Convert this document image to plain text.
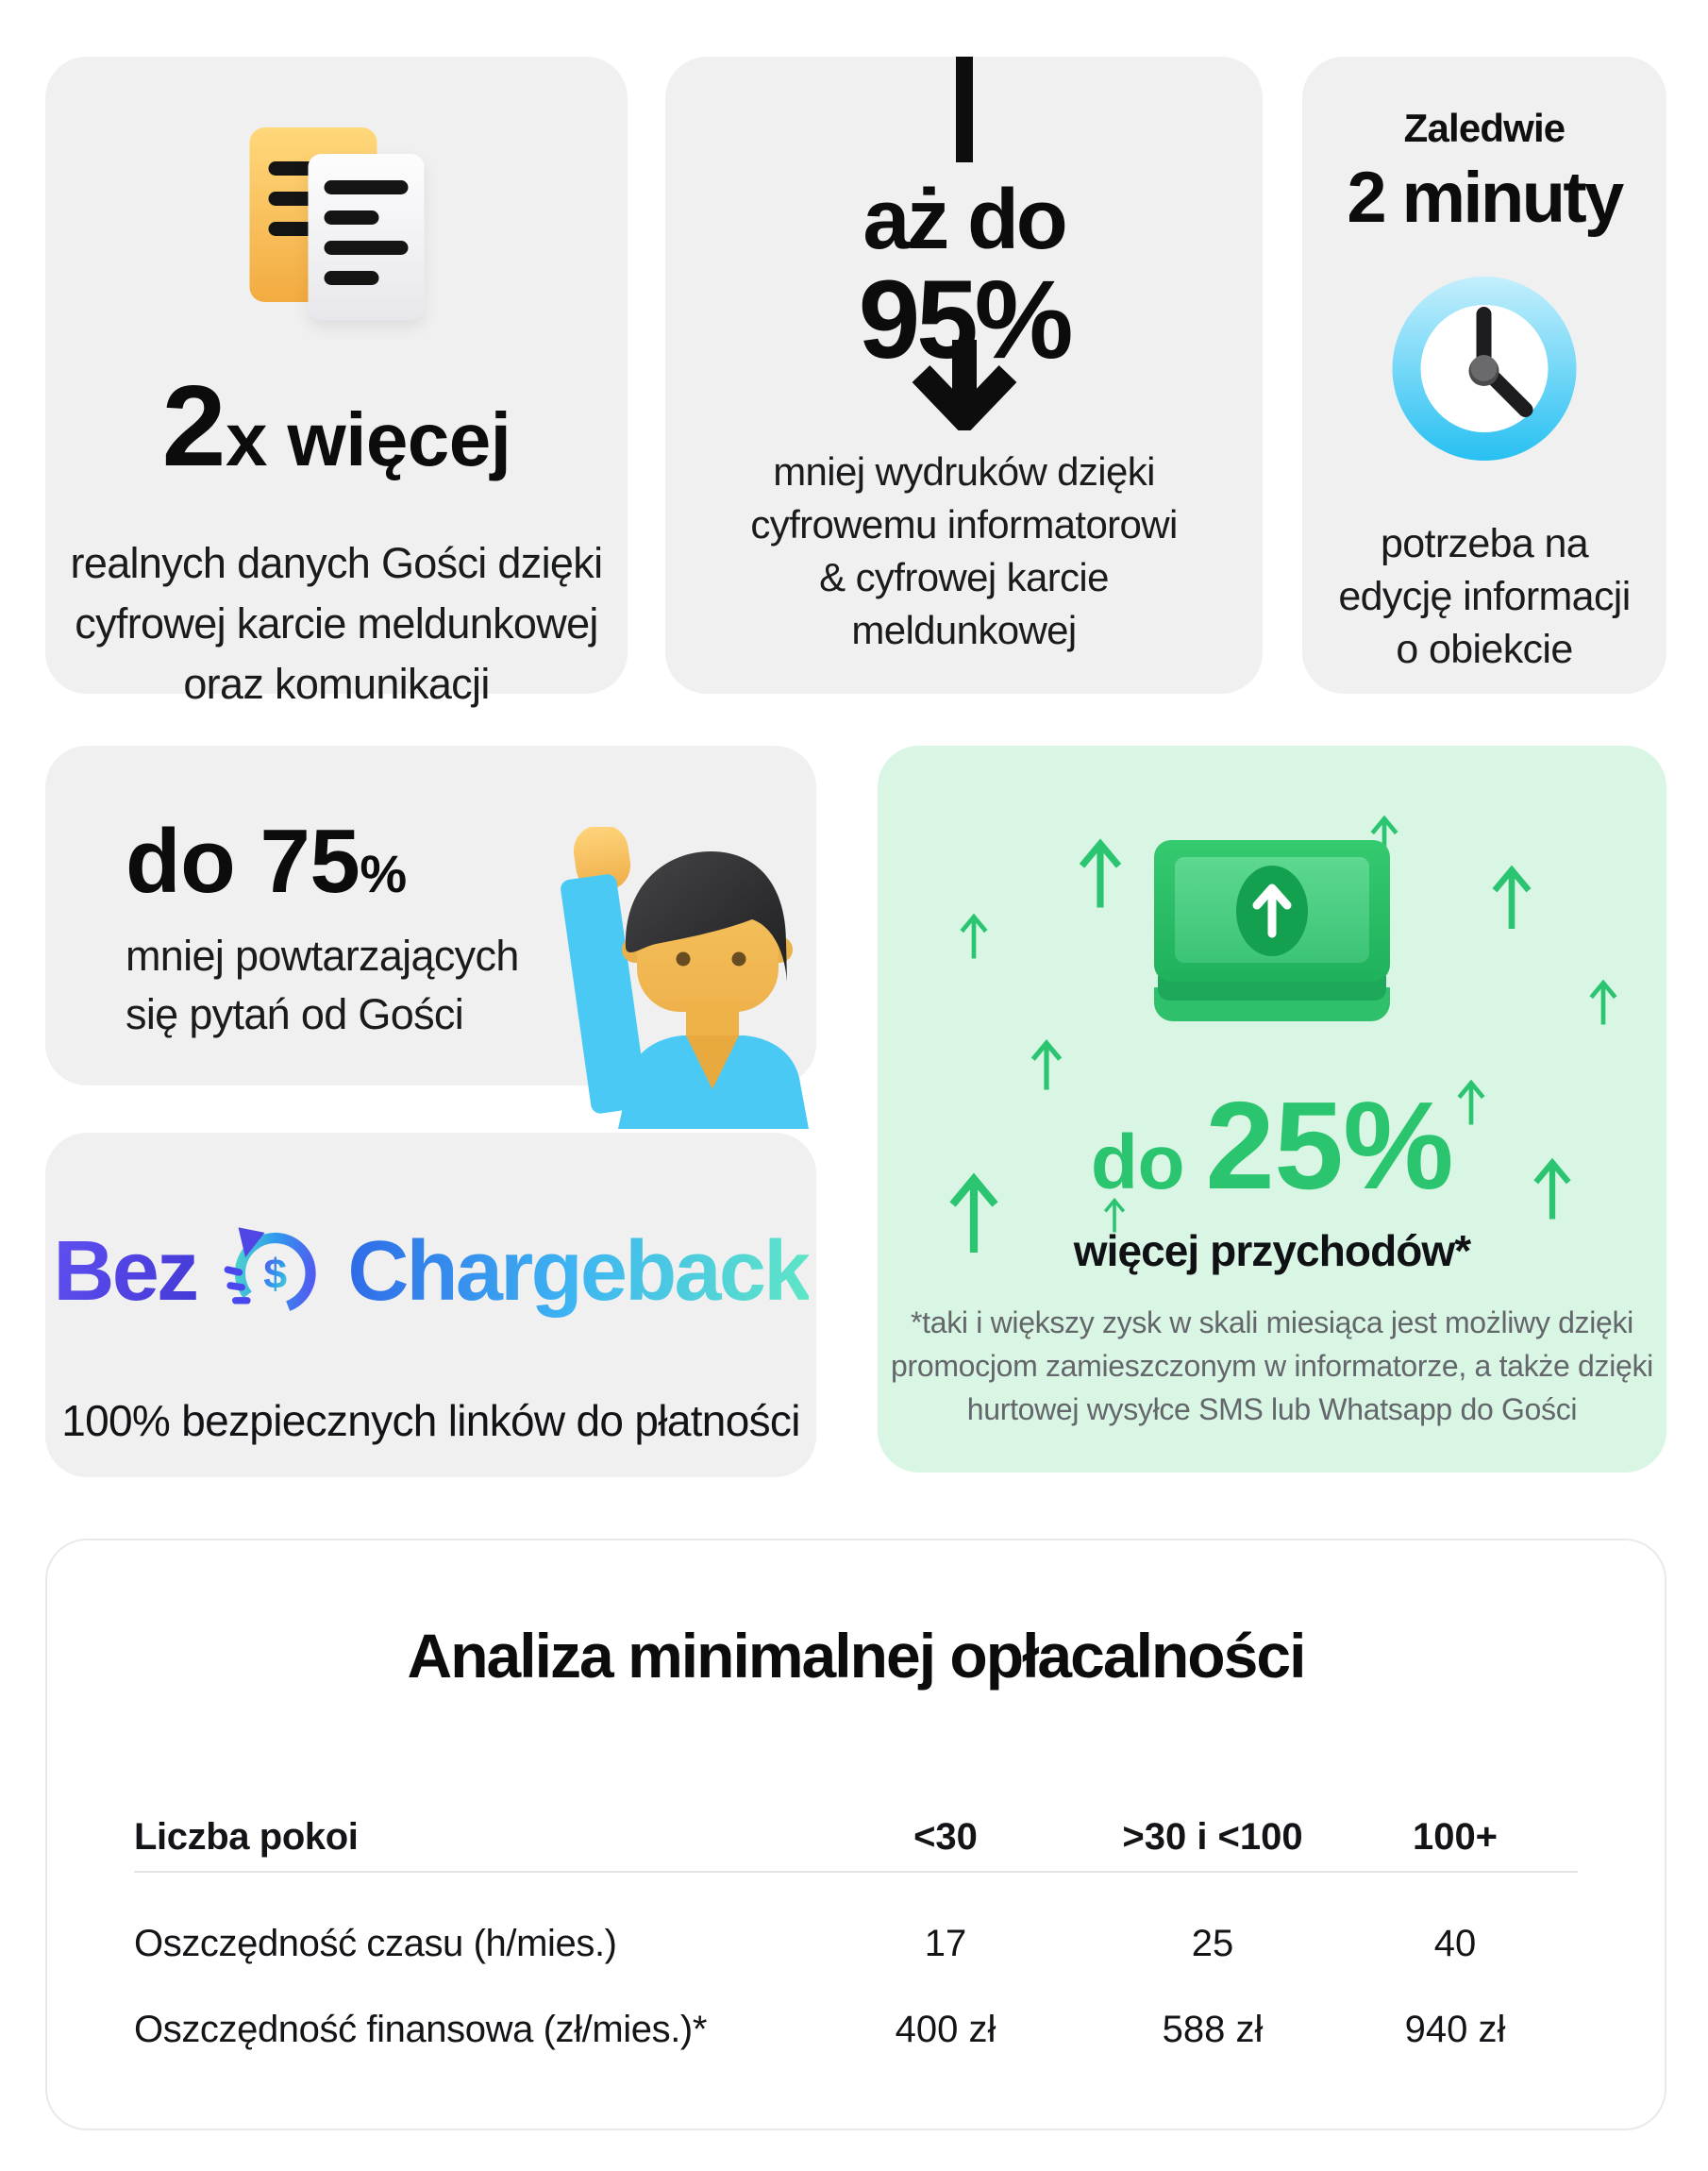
2x więcej
realnych danych Gości dzięki
cyfrowej karcie meldunkowej
oraz komunikacji
aż do
95%
mniej wydruków dzięki
cyfrowemu informatorowi
& cyfrowej karcie
meldunkowej
Zaledwie
2 minuty
potrzeba na
edycję informacji
o obiekcie
do 75%
mniej powtarzających
się pytań od Gości
do 25%
więcej przychodów*
*taki i większy zysk w skali miesiąca jest możliwy dzięki
promocjom zamieszczonym w informatorze, a także dzięki
hurtowej wysyłce SMS lub Whatsapp do Gości
Bez $ Chargeback
100% bezpiecznych linków do płatności
Analiza minimalnej opłacalności
Liczba pokoi	<30	>30 i <100	100+
Oszczędność czasu (h/mies.)	17	25	40
Oszczędność finansowa (zł/mies.)*	400 zł	588 zł	940 zł
